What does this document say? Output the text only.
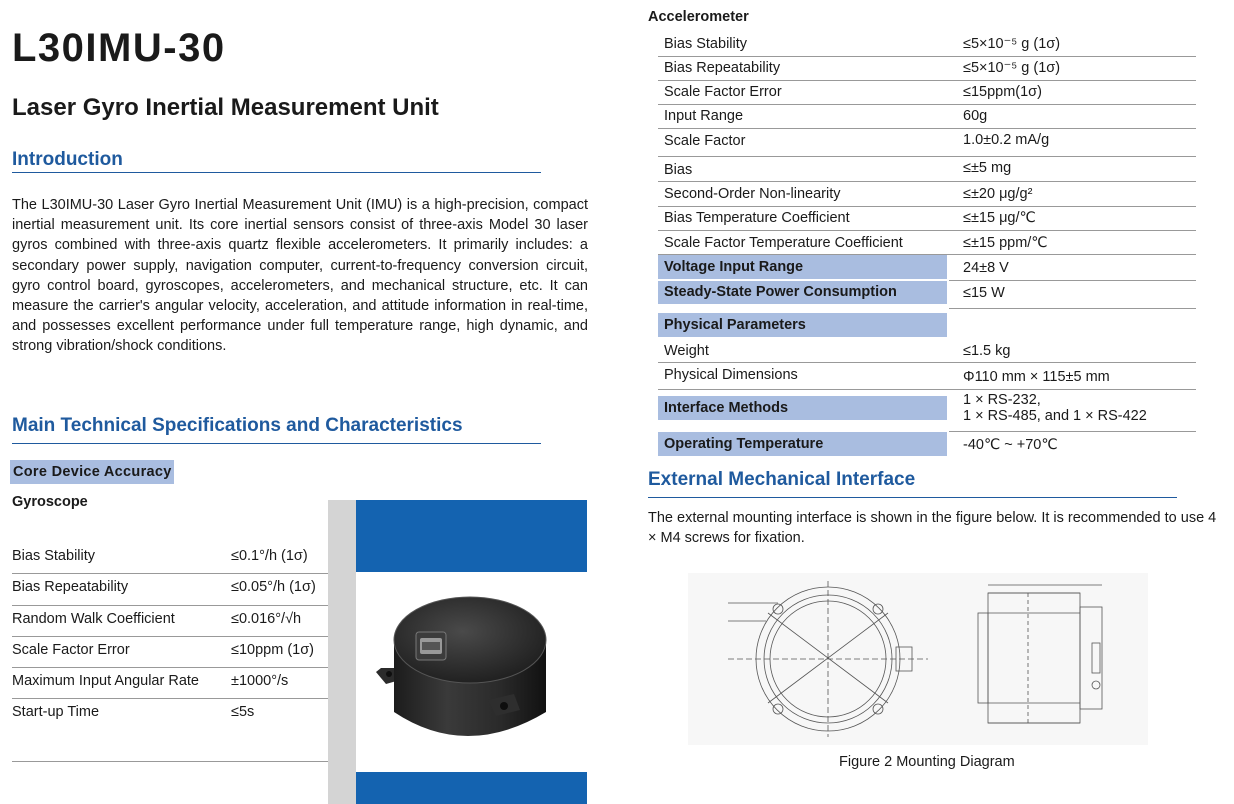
L30IMU-30
Laser Gyro Inertial Measurement Unit
Introduction
The L30IMU-30 Laser Gyro Inertial Measurement Unit (IMU) is a high-precision, compact inertial measurement unit. Its core inertial sensors consist of three-axis Model 30 laser gyros combined with three-axis quartz flexible accelerometers. It primarily includes: a secondary power supply, navigation computer, current-to-frequency conversion circuit, gyro control board, gyroscopes, accelerometers, and mechanical structure, etc. It can measure the carrier's angular velocity, acceleration, and attitude information in real-time, and possesses excellent performance under full temperature range, high dynamic, and strong vibration/shock conditions.
Main Technical Specifications and Characteristics
Core Device Accuracy
Gyroscope
Bias Stability	≤0.1°/h (1σ)
Bias Repeatability	≤0.05°/h (1σ)
Random Walk Coefficient	≤0.016°/√h
Scale Factor Error	≤10ppm (1σ)
Maximum Input Angular Rate ±1000°/s
Start-up Time	≤5s
Accelerometer
Bias Stability	≤5×10⁻⁵ g (1σ)
Bias Repeatability	≤5×10⁻⁵ g (1σ)
Scale Factor Error	≤15ppm(1σ)
Input Range	60g
Scale Factor	1.0±0.2 mA/g
Bias	≤±5 mg
Second-Order Non-linearity	≤±20 μg/g²
Bias Temperature Coefficient	≤±15 μg/℃
Scale Factor Temperature Coefficient	≤±15 ppm/℃
Voltage Input Range	24±8 V
Steady-State Power Consumption	≤15 W
Physical Parameters
Weight	≤1.5 kg
Physical Dimensions	Φ110 mm × 115±5 mm
Interface Methods	1 × RS-232,
1 × RS-485, and 1 × RS-422
Operating Temperature	-40℃ ~ +70℃
External Mechanical Interface
The external mounting interface is shown in the figure below. It is recommended to use 4 × M4 screws for fixation.
Figure 2 Mounting Diagram
